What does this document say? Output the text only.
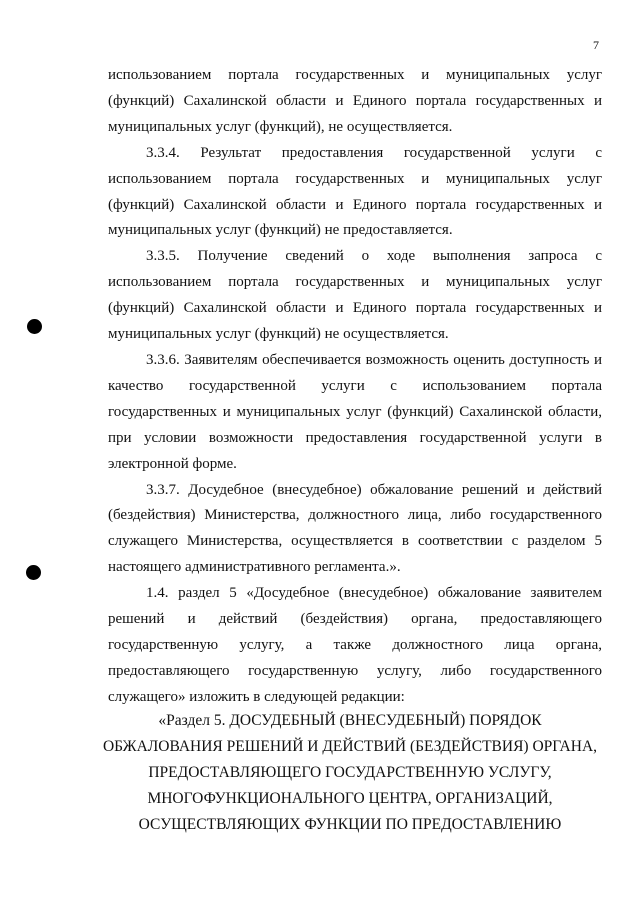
7
использованием портала государственных и муниципальных услуг
(функций) Сахалинской области и Единого портала государственных и
муниципальных услуг (функций), не осуществляется.
3.3.4. Результат предоставления государственной услуги с
использованием портала государственных и муниципальных услуг
(функций) Сахалинской области и Единого портала государственных и
муниципальных услуг (функций) не предоставляется.
3.3.5. Получение сведений о ходе выполнения запроса с
использованием портала государственных и муниципальных услуг
(функций) Сахалинской области и Единого портала государственных и
муниципальных услуг (функций) не осуществляется.
3.3.6. Заявителям обеспечивается возможность оценить доступность и
качество государственной услуги с использованием портала
государственных и муниципальных услуг (функций) Сахалинской области,
при условии возможности предоставления государственной услуги в
электронной форме.
3.3.7. Досудебное (внесудебное) обжалование решений и действий
(бездействия) Министерства, должностного лица, либо государственного
служащего Министерства, осуществляется в соответствии с разделом 5
настоящего административного регламента.».
1.4. раздел 5 «Досудебное (внесудебное) обжалование заявителем
решений и действий (бездействия) органа, предоставляющего
государственную услугу, а также должностного лица органа,
предоставляющего государственную услугу, либо государственного
служащего» изложить в следующей редакции:
«Раздел 5. ДОСУДЕБНЫЙ (ВНЕСУДЕБНЫЙ) ПОРЯДОК
ОБЖАЛОВАНИЯ РЕШЕНИЙ И ДЕЙСТВИЙ (БЕЗДЕЙСТВИЯ) ОРГАНА,
ПРЕДОСТАВЛЯЮЩЕГО ГОСУДАРСТВЕННУЮ УСЛУГУ,
МНОГОФУНКЦИОНАЛЬНОГО ЦЕНТРА, ОРГАНИЗАЦИЙ,
ОСУЩЕСТВЛЯЮЩИХ ФУНКЦИИ ПО ПРЕДОСТАВЛЕНИЮ
